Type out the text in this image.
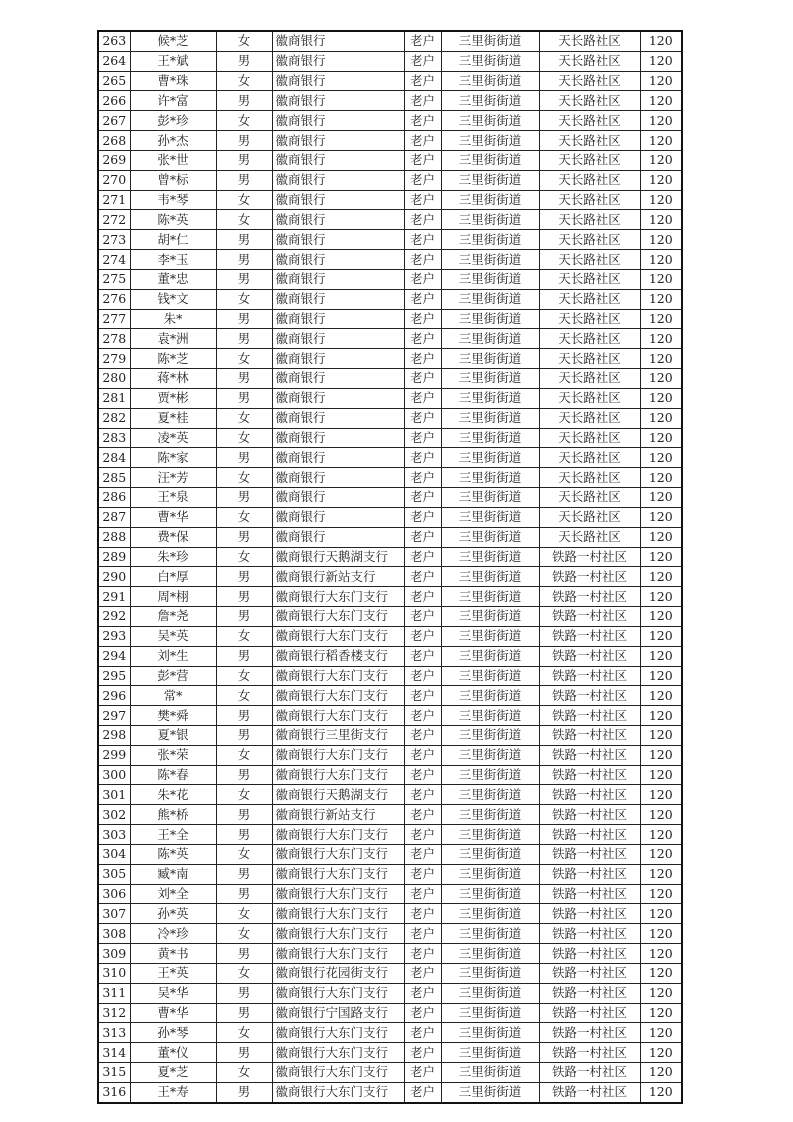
263	候*芝	女	徽商银行	老户	三里街街道	天长路社区	120
264	王*斌	男	徽商银行	老户	三里街街道	天长路社区	120
265	曹*珠	女	徽商银行	老户	三里街街道	天长路社区	120
266	许*富	男	徽商银行	老户	三里街街道	天长路社区	120
267	彭*珍	女	徽商银行	老户	三里街街道	天长路社区	120
268	孙*杰	男	徽商银行	老户	三里街街道	天长路社区	120
269	张*世	男	徽商银行	老户	三里街街道	天长路社区	120
270	曾*标	男	徽商银行	老户	三里街街道	天长路社区	120
271	韦*琴	女	徽商银行	老户	三里街街道	天长路社区	120
272	陈*英	女	徽商银行	老户	三里街街道	天长路社区	120
273	胡*仁	男	徽商银行	老户	三里街街道	天长路社区	120
274	李*玉	男	徽商银行	老户	三里街街道	天长路社区	120
275	董*忠	男	徽商银行	老户	三里街街道	天长路社区	120
276	钱*文	女	徽商银行	老户	三里街街道	天长路社区	120
277	朱*	男	徽商银行	老户	三里街街道	天长路社区	120
278	袁*洲	男	徽商银行	老户	三里街街道	天长路社区	120
279	陈*芝	女	徽商银行	老户	三里街街道	天长路社区	120
280	蒋*林	男	徽商银行	老户	三里街街道	天长路社区	120
281	贾*彬	男	徽商银行	老户	三里街街道	天长路社区	120
282	夏*桂	女	徽商银行	老户	三里街街道	天长路社区	120
283	凌*英	女	徽商银行	老户	三里街街道	天长路社区	120
284	陈*家	男	徽商银行	老户	三里街街道	天长路社区	120
285	汪*芳	女	徽商银行	老户	三里街街道	天长路社区	120
286	王*泉	男	徽商银行	老户	三里街街道	天长路社区	120
287	曹*华	女	徽商银行	老户	三里街街道	天长路社区	120
288	费*保	男	徽商银行	老户	三里街街道	天长路社区	120
289	朱*珍	女	徽商银行天鹅湖支行	老户	三里街街道	铁路一村社区	120
290	白*厚	男	徽商银行新站支行	老户	三里街街道	铁路一村社区	120
291	周*栩	男	徽商银行大东门支行	老户	三里街街道	铁路一村社区	120
292	詹*尧	男	徽商银行大东门支行	老户	三里街街道	铁路一村社区	120
293	吴*英	女	徽商银行大东门支行	老户	三里街街道	铁路一村社区	120
294	刘*生	男	徽商银行稻香楼支行	老户	三里街街道	铁路一村社区	120
295	彭*营	女	徽商银行大东门支行	老户	三里街街道	铁路一村社区	120
296	常*	女	徽商银行大东门支行	老户	三里街街道	铁路一村社区	120
297	樊*舜	男	徽商银行大东门支行	老户	三里街街道	铁路一村社区	120
298	夏*银	男	徽商银行三里街支行	老户	三里街街道	铁路一村社区	120
299	张*荣	女	徽商银行大东门支行	老户	三里街街道	铁路一村社区	120
300	陈*春	男	徽商银行大东门支行	老户	三里街街道	铁路一村社区	120
301	朱*花	女	徽商银行天鹅湖支行	老户	三里街街道	铁路一村社区	120
302	熊*桥	男	徽商银行新站支行	老户	三里街街道	铁路一村社区	120
303	王*全	男	徽商银行大东门支行	老户	三里街街道	铁路一村社区	120
304	陈*英	女	徽商银行大东门支行	老户	三里街街道	铁路一村社区	120
305	臧*南	男	徽商银行大东门支行	老户	三里街街道	铁路一村社区	120
306	刘*全	男	徽商银行大东门支行	老户	三里街街道	铁路一村社区	120
307	孙*英	女	徽商银行大东门支行	老户	三里街街道	铁路一村社区	120
308	冷*珍	女	徽商银行大东门支行	老户	三里街街道	铁路一村社区	120
309	黄*书	男	徽商银行大东门支行	老户	三里街街道	铁路一村社区	120
310	王*英	女	徽商银行花园街支行	老户	三里街街道	铁路一村社区	120
311	吴*华	男	徽商银行大东门支行	老户	三里街街道	铁路一村社区	120
312	曹*华	男	徽商银行宁国路支行	老户	三里街街道	铁路一村社区	120
313	孙*琴	女	徽商银行大东门支行	老户	三里街街道	铁路一村社区	120
314	董*仪	男	徽商银行大东门支行	老户	三里街街道	铁路一村社区	120
315	夏*芝	女	徽商银行大东门支行	老户	三里街街道	铁路一村社区	120
316	王*寿	男	徽商银行大东门支行	老户	三里街街道	铁路一村社区	120
